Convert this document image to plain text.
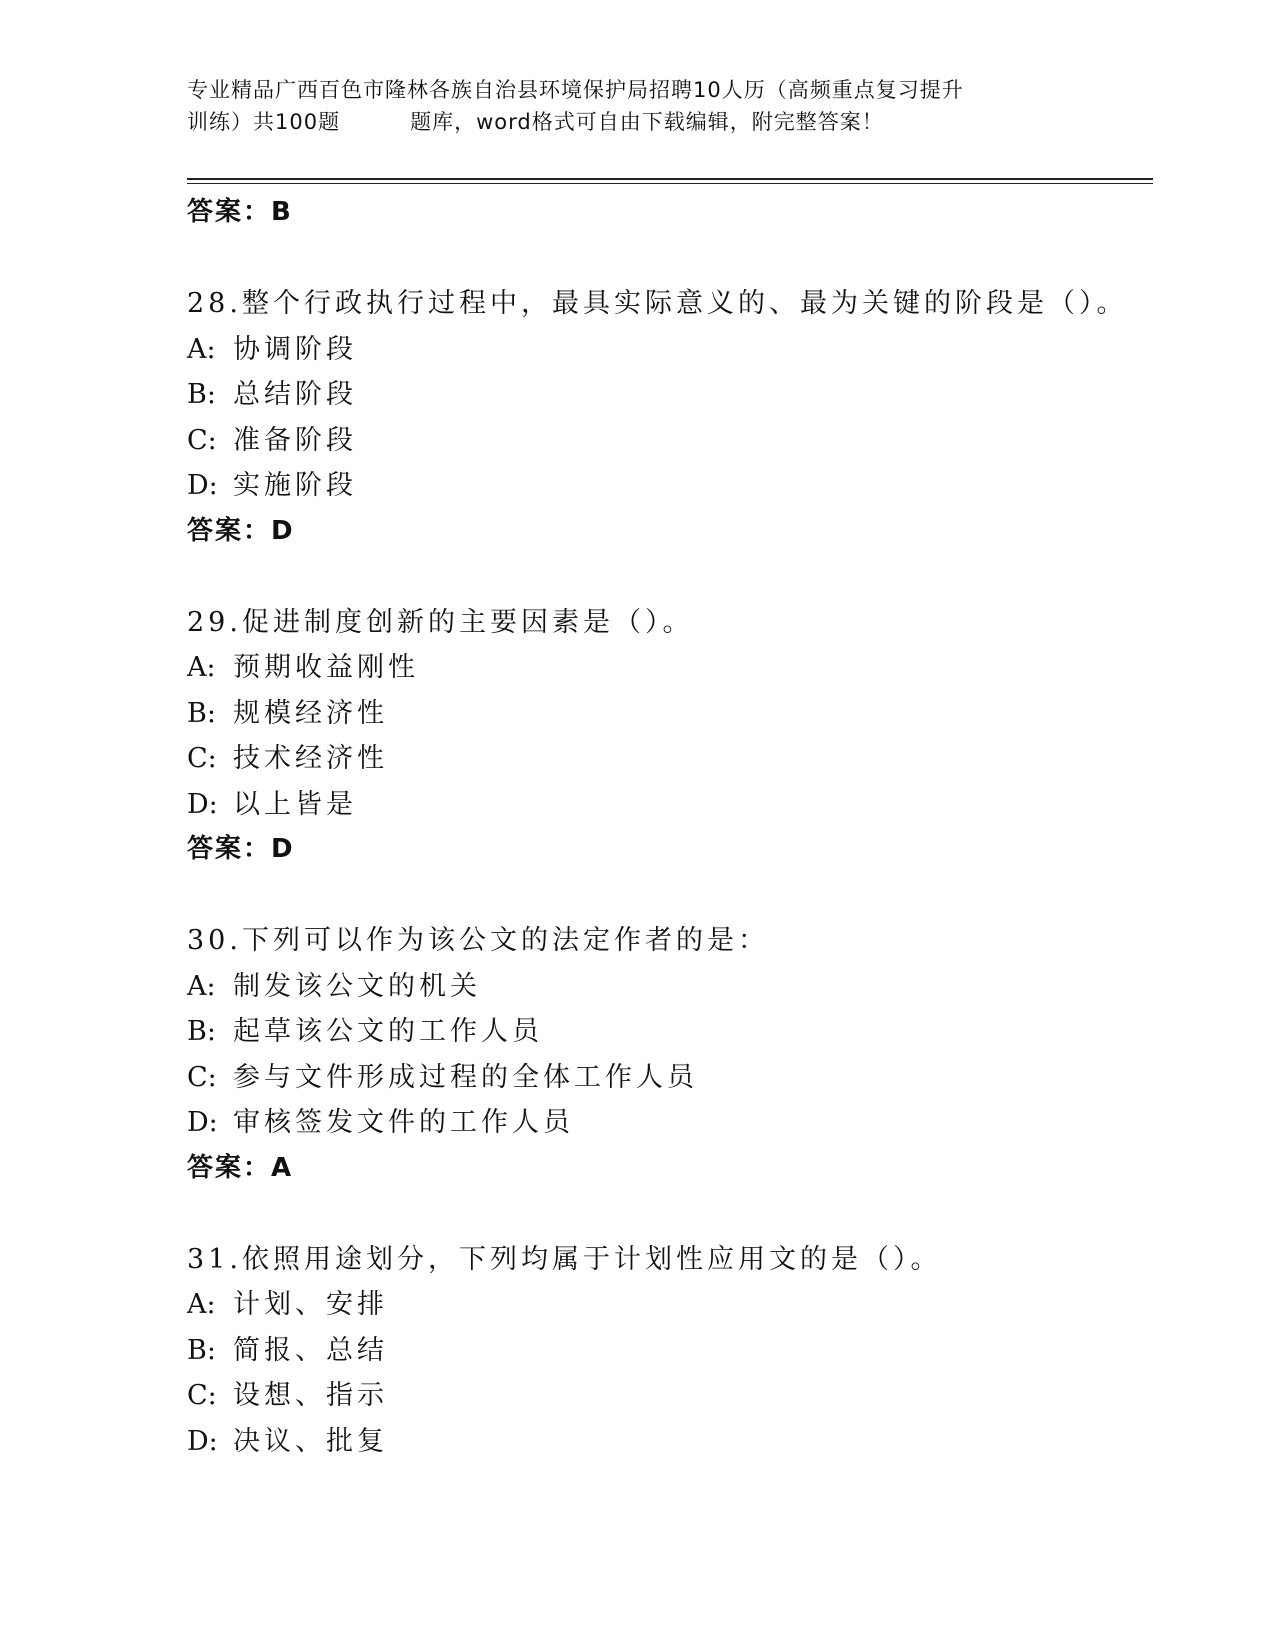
专业精品广西百色市隆林各族自治县环境保护局招聘10人历（高频重点复习提升
训练）共100题	题库，word格式可自由下载编辑，附完整答案！
答案：B
28.整个行政执行过程中，最具实际意义的、最为关键的阶段是（）。
A: 协调阶段
B: 总结阶段
C: 准备阶段
D: 实施阶段
答案：D
29.促进制度创新的主要因素是（）。
A: 预期收益刚性
B: 规模经济性
C: 技术经济性
D: 以上皆是
答案：D
30.下列可以作为该公文的法定作者的是：
A: 制发该公文的机关
B: 起草该公文的工作人员
C: 参与文件形成过程的全体工作人员
D: 审核签发文件的工作人员
答案：A
31.依照用途划分，下列均属于计划性应用文的是（）。
A: 计划、安排
B: 简报、总结
C: 设想、指示
D: 决议、批复
